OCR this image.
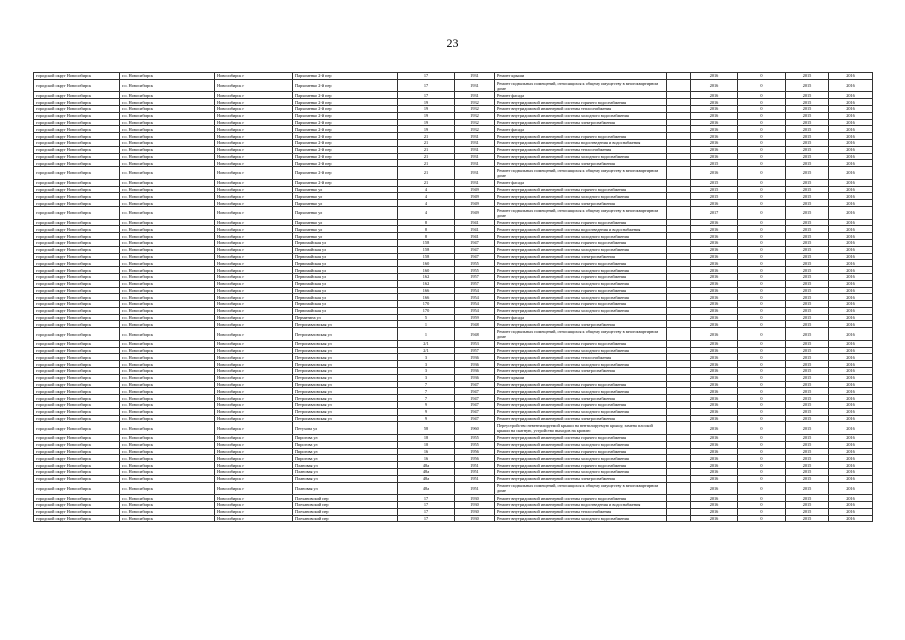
23
городской округ Новосибирск	г.о. Новосибирск	Новосибирск г	Пархоменко 2-й пер	17	1931	Ремонт крыши		2016	0	2015	2016
городской округ Новосибирск	г.о. Новосибирск	Новосибирск г	Пархоменко 2-й пер	17	1931	Ремонт подвальных помещений, относящихся к общему имуществу в многоквартирном доме		2016	0	2015	2016
городской округ Новосибирск	г.о. Новосибирск	Новосибирск г	Пархоменко 2-й пер	17	1931	Ремонт фасада		2016	0	2015	2016
городской округ Новосибирск	г.о. Новосибирск	Новосибирск г	Пархоменко 2-й пер	19	1932	Ремонт внутридомовой инженерной системы горячего водоснабжения		2016	0	2015	2016
городской округ Новосибирск	г.о. Новосибирск	Новосибирск г	Пархоменко 2-й пер	19	1932	Ремонт внутридомовой инженерной системы теплоснабжения		2016	0	2015	2016
городской округ Новосибирск	г.о. Новосибирск	Новосибирск г	Пархоменко 2-й пер	19	1932	Ремонт внутридомовой инженерной системы холодного водоснабжения		2016	0	2015	2016
городской округ Новосибирск	г.о. Новосибирск	Новосибирск г	Пархоменко 2-й пер	19	1932	Ремонт внутридомовой инженерной системы электроснабжения		2016	0	2015	2016
городской округ Новосибирск	г.о. Новосибирск	Новосибирск г	Пархоменко 2-й пер	19	1932	Ремонт фасада		2016	0	2015	2016
городской округ Новосибирск	г.о. Новосибирск	Новосибирск г	Пархоменко 2-й пер	21	1931	Ремонт внутридомовой инженерной системы горячего водоснабжения		2016	0	2015	2016
городской округ Новосибирск	г.о. Новосибирск	Новосибирск г	Пархоменко 2-й пер	21	1931	Ремонт внутридомовой инженерной системы водоотведения и водоснабжения		2016	0	2015	2016
городской округ Новосибирск	г.о. Новосибирск	Новосибирск г	Пархоменко 2-й пер	21	1931	Ремонт внутридомовой инженерной системы теплоснабжения		2016	0	2015	2016
городской округ Новосибирск	г.о. Новосибирск	Новосибирск г	Пархоменко 2-й пер	21	1931	Ремонт внутридомовой инженерной системы холодного водоснабжения		2016	0	2015	2016
городской округ Новосибирск	г.о. Новосибирск	Новосибирск г	Пархоменко 2-й пер	21	1931	Ремонт внутридомовой инженерной системы электроснабжения		2015	0	2015	2016
городской округ Новосибирск	г.о. Новосибирск	Новосибирск г	Пархоменко 2-й пер	21	1931	Ремонт подвальных помещений, относящихся к общему имуществу в многоквартирном доме		2016	0	2015	2016
городской округ Новосибирск	г.о. Новосибирск	Новосибирск г	Пархоменко 2-й пер	21	1931	Ремонт фасада		2015	0	2015	2016
городской округ Новосибирск	г.о. Новосибирск	Новосибирск г	Пархоменко ул	4	1949	Ремонт внутридомовой инженерной системы горячего водоснабжения		2015	0	2015	2016
городской округ Новосибирск	г.о. Новосибирск	Новосибирск г	Пархоменко ул	4	1949	Ремонт внутридомовой инженерной системы холодного водоснабжения		2015	0	2015	2016
городской округ Новосибирск	г.о. Новосибирск	Новосибирск г	Пархоменко ул	4	1949	Ремонт внутридомовой инженерной системы электроснабжения		2016	0	2015	2016
городской округ Новосибирск	г.о. Новосибирск	Новосибирск г	Пархоменко ул	4	1949	Ремонт подвальных помещений, относящихся к общему имуществу в многоквартирном доме		2017	0	2015	2016
городской округ Новосибирск	г.о. Новосибирск	Новосибирск г	Пархоменко ул	8	1941	Ремонт внутридомовой инженерной системы горячего водоснабжения		2016	0	2015	2016
городской округ Новосибирск	г.о. Новосибирск	Новосибирск г	Пархоменко ул	8	1941	Ремонт внутридомовой инженерной системы водоотведения и водоснабжения		2016	0	2015	2016
городской округ Новосибирск	г.о. Новосибирск	Новосибирск г	Пархоменко ул	8	1941	Ремонт внутридомовой инженерной системы холодного водоснабжения		2016	0	2015	2016
городской округ Новосибирск	г.о. Новосибирск	Новосибирск г	Первомайская ул	158	1947	Ремонт внутридомовой инженерной системы горячего водоснабжения		2016	0	2015	2016
городской округ Новосибирск	г.о. Новосибирск	Новосибирск г	Первомайская ул	158	1947	Ремонт внутридомовой инженерной системы холодного водоснабжения		2016	0	2015	2016
городской округ Новосибирск	г.о. Новосибирск	Новосибирск г	Первомайская ул	158	1947	Ремонт внутридомовой инженерной системы электроснабжения		2016	0	2015	2016
городской округ Новосибирск	г.о. Новосибирск	Новосибирск г	Первомайская ул	160	1955	Ремонт внутридомовой инженерной системы горячего водоснабжения		2016	0	2015	2016
городской округ Новосибирск	г.о. Новосибирск	Новосибирск г	Первомайская ул	160	1955	Ремонт внутридомовой инженерной системы холодного водоснабжения		2016	0	2015	2016
городской округ Новосибирск	г.о. Новосибирск	Новосибирск г	Первомайская ул	162	1957	Ремонт внутридомовой инженерной системы горячего водоснабжения		2016	0	2015	2016
городской округ Новосибирск	г.о. Новосибирск	Новосибирск г	Первомайская ул	162	1957	Ремонт внутридомовой инженерной системы холодного водоснабжения		2016	0	2015	2016
городской округ Новосибирск	г.о. Новосибирск	Новосибирск г	Первомайская ул	166	1954	Ремонт внутридомовой инженерной системы горячего водоснабжения		2016	0	2015	2016
городской округ Новосибирск	г.о. Новосибирск	Новосибирск г	Первомайская ул	166	1954	Ремонт внутридомовой инженерной системы холодного водоснабжения		2016	0	2015	2016
городской округ Новосибирск	г.о. Новосибирск	Новосибирск г	Первомайская ул	170	1954	Ремонт внутридомовой инженерной системы горячего водоснабжения		2016	0	2015	2016
городской округ Новосибирск	г.о. Новосибирск	Новосибирск г	Первомайская ул	170	1954	Ремонт внутридомовой инженерной системы холодного водоснабжения		2016	0	2015	2016
городской округ Новосибирск	г.о. Новосибирск	Новосибирск г	Пермитина ул	5	1959	Ремонт фасада		2016	0	2015	2016
городской округ Новосибирск	г.о. Новосибирск	Новосибирск г	Петропавловская ул	1	1948	Ремонт внутридомовой инженерной системы электроснабжения		2016	0	2015	2016
городской округ Новосибирск	г.о. Новосибирск	Новосибирск г	Петропавловская ул	1	1948	Ремонт подвальных помещений, относящихся к общему имуществу в многоквартирном доме		2016	0	2015	2016
городской округ Новосибирск	г.о. Новосибирск	Новосибирск г	Петропавловская ул	2/1	1953	Ремонт внутридомовой инженерной системы горячего водоснабжения		2016	0	2015	2016
городской округ Новосибирск	г.о. Новосибирск	Новосибирск г	Петропавловская ул	2/1	1957	Ремонт внутридомовой инженерной системы холодного водоснабжения		2016	0	2015	2016
городской округ Новосибирск	г.о. Новосибирск	Новосибирск г	Петропавловская ул	3	1936	Ремонт внутридомовой инженерной системы теплоснабжения		2016	0	2015	2016
городской округ Новосибирск	г.о. Новосибирск	Новосибирск г	Петропавловская ул	3	1936	Ремонт внутридомовой инженерной системы холодного водоснабжения		2016	0	2015	2016
городской округ Новосибирск	г.о. Новосибирск	Новосибирск г	Петропавловская ул	3	1936	Ремонт внутридомовой инженерной системы электроснабжения		2016	0	2015	2016
городской округ Новосибирск	г.о. Новосибирск	Новосибирск г	Петропавловская ул	3	1936	Ремонт крыши		2016	0	2015	2016
городской округ Новосибирск	г.о. Новосибирск	Новосибирск г	Петропавловская ул	7	1947	Ремонт внутридомовой инженерной системы горячего водоснабжения		2016	0	2015	2016
городской округ Новосибирск	г.о. Новосибирск	Новосибирск г	Петропавловская ул	7	1947	Ремонт внутридомовой инженерной системы холодного водоснабжения		2016	0	2015	2016
городской округ Новосибирск	г.о. Новосибирск	Новосибирск г	Петропавловская ул	7	1947	Ремонт внутридомовой инженерной системы электроснабжения		2016	0	2015	2016
городской округ Новосибирск	г.о. Новосибирск	Новосибирск г	Петропавловская ул	9	1947	Ремонт внутридомовой инженерной системы горячего водоснабжения		2016	0	2015	2016
городской округ Новосибирск	г.о. Новосибирск	Новосибирск г	Петропавловская ул	9	1947	Ремонт внутридомовой инженерной системы холодного водоснабжения		2016	0	2015	2016
городской округ Новосибирск	г.о. Новосибирск	Новосибирск г	Петропавловская ул	9	1947	Ремонт внутридомовой инженерной системы электроснабжения		2016	0	2015	2016
городской округ Новосибирск	г.о. Новосибирск	Новосибирск г	Петухова ул	58	1960	Переустройство невентилируемой крыши на вентилируемую крышу, замена плоской крыши на скатную, устройство выходов на кровлю		2016	0	2015	2016
городской округ Новосибирск	г.о. Новосибирск	Новосибирск г	Пирогова ул	18	1955	Ремонт внутридомовой инженерной системы горячего водоснабжения		2016	0	2015	2016
городской округ Новосибирск	г.о. Новосибирск	Новосибирск г	Пирогова ул	18	1955	Ремонт внутридомовой инженерной системы холодного водоснабжения		2016	0	2015	2016
городской округ Новосибирск	г.о. Новосибирск	Новосибирск г	Пирогова ул	16	1956	Ремонт внутридомовой инженерной системы горячего водоснабжения		2016	0	2015	2016
городской округ Новосибирск	г.о. Новосибирск	Новосибирск г	Пирогова ул	16	1956	Ремонт внутридомовой инженерной системы холодного водоснабжения		2016	0	2015	2016
городской округ Новосибирск	г.о. Новосибирск	Новосибирск г	Плановая ул	48а	1951	Ремонт внутридомовой инженерной системы горячего водоснабжения		2016	0	2015	2016
городской округ Новосибирск	г.о. Новосибирск	Новосибирск г	Плановая ул	48а	1951	Ремонт внутридомовой инженерной системы холодного водоснабжения		2016	0	2015	2016
городской округ Новосибирск	г.о. Новосибирск	Новосибирск г	Плановая ул	48а	1951	Ремонт внутридомовой инженерной системы электроснабжения		2016	0	2015	2016
городской округ Новосибирск	г.о. Новосибирск	Новосибирск г	Плановая ул	48а	1951	Ремонт подвальных помещений, относящихся к общему имуществу в многоквартирном доме		2016	0	2015	2016
городской округ Новосибирск	г.о. Новосибирск	Новосибирск г	Плехановский пер	17	1930	Ремонт внутридомовой инженерной системы горячего водоснабжения		2016	0	2015	2016
городской округ Новосибирск	г.о. Новосибирск	Новосибирск г	Плехановский пер	17	1930	Ремонт внутридомовой инженерной системы водоотведения и водоснабжения		2016	0	2015	2016
городской округ Новосибирск	г.о. Новосибирск	Новосибирск г	Плехановский пер	17	1930	Ремонт внутридомовой инженерной системы теплоснабжения		2016	0	2015	2016
городской округ Новосибирск	г.о. Новосибирск	Новосибирск г	Плехановский пер	17	1930	Ремонт внутридомовой инженерной системы холодного водоснабжения		2016	0	2015	2016
